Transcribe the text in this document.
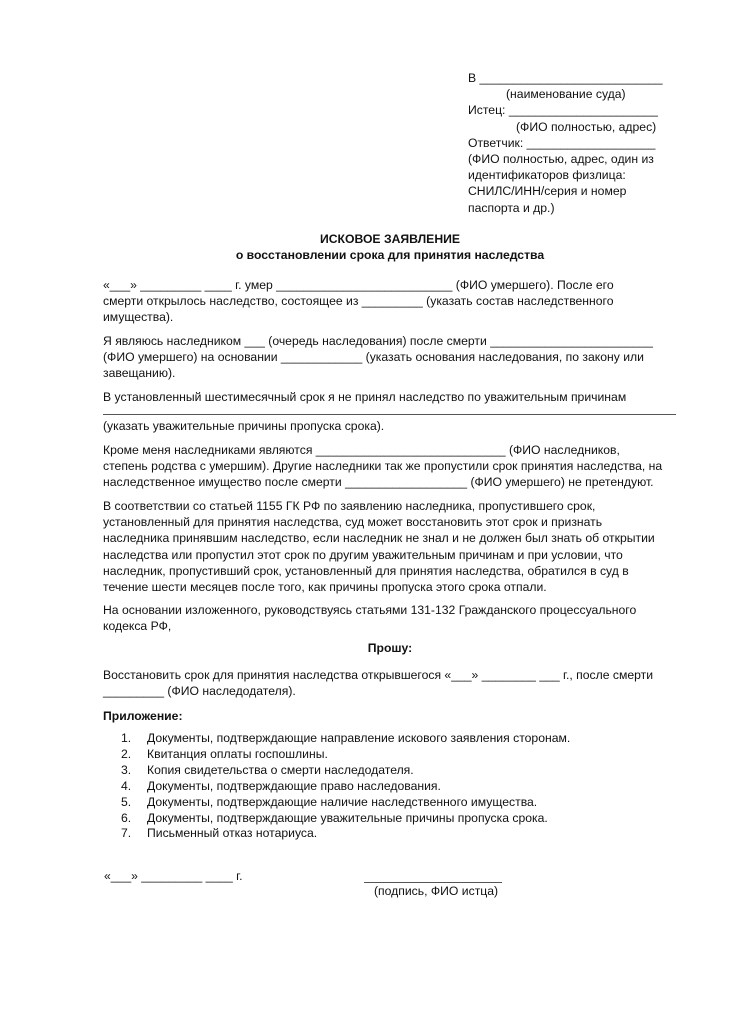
В ___________________________
(наименование суда)
Истец: ______________________
(ФИО полностью, адрес)
Ответчик: ___________________
(ФИО полностью, адрес, один из
идентификаторов физлица:
СНИЛС/ИНН/серия и номер
паспорта и др.)
ИСКОВОЕ ЗАЯВЛЕНИЕ
о восстановлении срока для принятия наследства

«___» _________ ____ г. умер __________________________ (ФИО умершего). После его

смерти открылось наследство, состоящее из _________ (указать состав наследственного

имущества).

Я являюсь наследником ___ (очередь наследования) после смерти ________________________

(ФИО умершего) на основании ____________ (указать основания наследования, по закону или

завещанию).

В установленный шестимесячный срок я не принял наследство по уважительным причинам

(указать уважительные причины пропуска срока).

Кроме меня наследниками являются ____________________________ (ФИО наследников,

степень родства с умершим). Другие наследники так же пропустили срок принятия наследства, на

наследственное имущество после смерти __________________ (ФИО умершего) не претендуют.

В соответствии со статьей 1155 ГК РФ по заявлению наследника, пропустившего срок,

установленный для принятия наследства, суд может восстановить этот срок и признать

наследника принявшим наследство, если наследник не знал и не должен был знать об открытии

наследства или пропустил этот срок по другим уважительным причинам и при условии, что

наследник, пропустивший срок, установленный для принятия наследства, обратился в суд в

течение шести месяцев после того, как причины пропуска этого срока отпали.

На основании изложенного, руководствуясь статьями 131-132 Гражданского процессуального

кодекса РФ,

Прошу:

Восстановить срок для принятия наследства открывшегося «___» ________ ___ г., после смерти

_________ (ФИО наследодателя).

Приложение:
1. Документы, подтверждающие направление искового заявления сторонам.
2. Квитанция оплаты госпошлины.
3. Копия свидетельства о смерти наследодателя.
4. Документы, подтверждающие право наследования.
5. Документы, подтверждающие наличие наследственного имущества.
6. Документы, подтверждающие уважительные причины пропуска срока.
7. Письменный отказ нотариуса.
«___» _________ ____ г.
(подпись, ФИО истца)
